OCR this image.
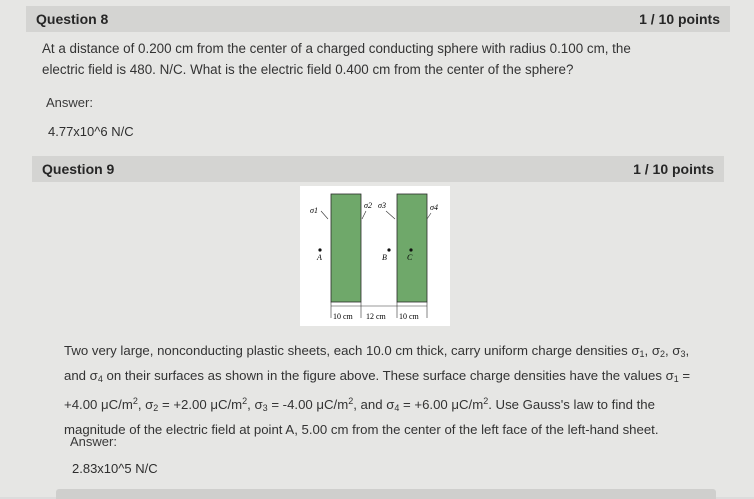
Question 8	1 / 10 points
At a distance of 0.200 cm from the center of a charged conducting sphere with radius 0.100 cm, the
electric field is 480. N/C. What is the electric field 0.400 cm from the center of the sphere?
Answer:
4.77x10^6 N/C
Question 9	1 / 10 points
σ1
σ2 σ3	σ4
A	B	C
10 cm 12 cm 10 cm
Two very large, nonconducting plastic sheets, each 10.0 cm thick, carry uniform charge densities $\sigma_1$, $\sigma_2$, $\sigma_3$,
and $\sigma_4$ on their surfaces as shown in the figure above. These surface charge densities have the values $\sigma_1$ =
+4.00 $\mu C/m^2$, $\sigma_2 = +2.00$ $\mu C/m^2$, $\sigma_3 = -4.00$ $\mu C/m^2$, and $\sigma_4 = +6.00$ $\mu C/m^2$. Use Gauss's law to find the
magnitude of the electric field at point A, 5.00 cm from the center of the left face of the left-hand sheet.
Answer:
2.83x10^5 N/C
